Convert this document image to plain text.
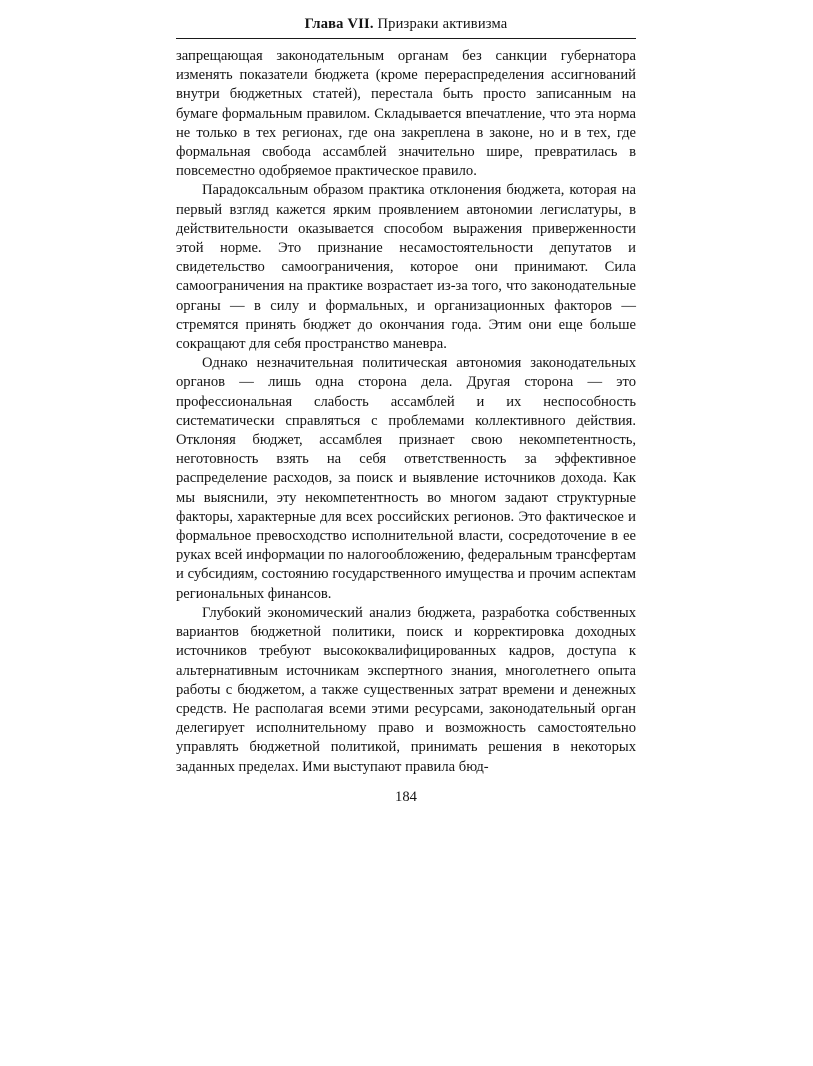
Глава VII. Призраки активизма

запрещающая законодательным органам без санкции губернатора изменять показатели бюджета (кроме перераспределения ассигнований внутри бюджетных статей), перестала быть просто записанным на бумаге формальным правилом. Складывается впечатление, что эта норма не только в тех регионах, где она закреплена в законе, но и в тех, где формальная свобода ассамблей значительно шире, превратилась в повсеместно одобряемое практическое правило.

Парадоксальным образом практика отклонения бюджета, которая на первый взгляд кажется ярким проявлением автономии легислатуры, в действительности оказывается способом выражения приверженности этой норме. Это признание несамостоятельности депутатов и свидетельство самоограничения, которое они принимают. Сила самоограничения на практике возрастает из-за того, что законодательные органы — в силу и формальных, и организационных факторов — стремятся принять бюджет до окончания года. Этим они еще больше сокращают для себя пространство маневра.

Однако незначительная политическая автономия законодательных органов — лишь одна сторона дела. Другая сторона — это профессиональная слабость ассамблей и их неспособность систематически справляться с проблемами коллективного действия. Отклоняя бюджет, ассамблея признает свою некомпетентность, неготовность взять на себя ответственность за эффективное распределение расходов, за поиск и выявление источников дохода. Как мы выяснили, эту некомпетентность во многом задают структурные факторы, характерные для всех российских регионов. Это фактическое и формальное превосходство исполнительной власти, сосредоточение в ее руках всей информации по налогообложению, федеральным трансфертам и субсидиям, состоянию государственного имущества и прочим аспектам региональных финансов.

Глубокий экономический анализ бюджета, разработка собственных вариантов бюджетной политики, поиск и корректировка доходных источников требуют высококвалифицированных кадров, доступа к альтернативным источникам экспертного знания, многолетнего опыта работы с бюджетом, а также существенных затрат времени и денежных средств. Не располагая всеми этими ресурсами, законодательный орган делегирует исполнительному право и возможность самостоятельно управлять бюджетной политикой, принимать решения в некоторых заданных пределах. Ими выступают правила бюд-

184
